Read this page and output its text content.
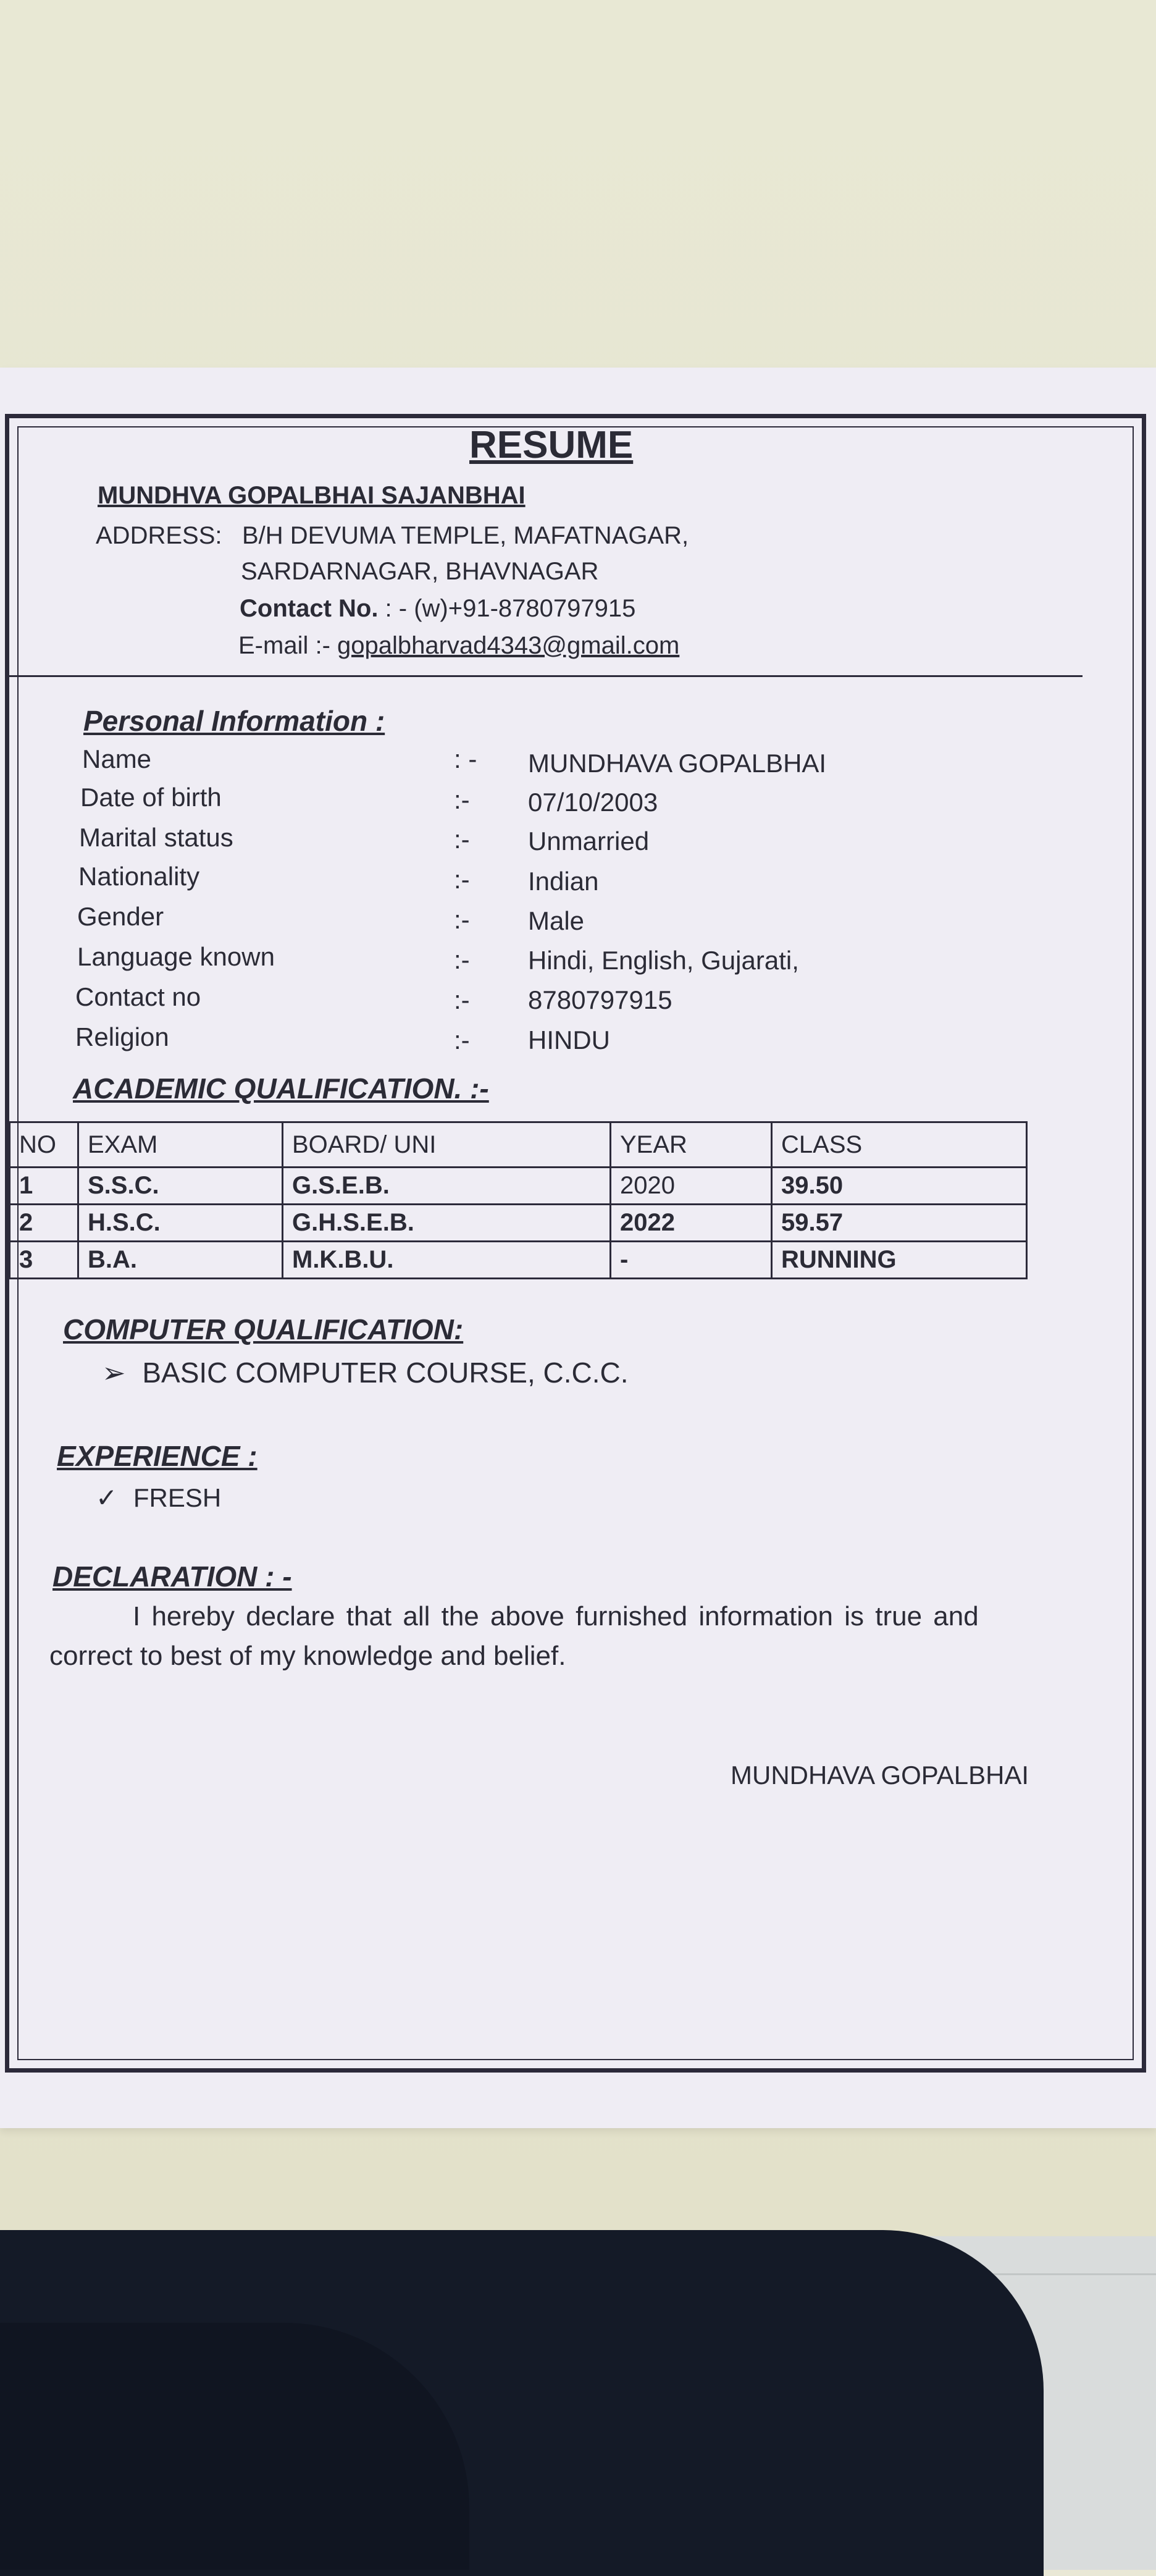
RESUME
MUNDHVA GOPALBHAI SAJANBHAI
ADDRESS: B/H DEVUMA TEMPLE, MAFATNAGAR,
SARDARNAGAR, BHAVNAGAR
Contact No. : - (w)+91-8780797915
E-mail :- gopalbharvad4343@gmail.com
Personal Information :
Name	: - MUNDHAVA GOPALBHAI
Date of birth	:- 07/10/2003
Marital status	:- Unmarried
Nationality	:- Indian
Gender	:- Male
Language known	:- Hindi, English, Gujarati,
Contact no	:- 8780797915
Religion	:- HINDU
ACADEMIC QUALIFICATION. :-
NO	EXAM	BOARD/ UNI	YEAR	CLASS
1	S.S.C.	G.S.E.B.	2020	39.50
2	H.S.C.	G.H.S.E.B.	2022	59.57
3	B.A.	M.K.B.U.	-	RUNNING
COMPUTER QUALIFICATION:
➢ BASIC COMPUTER COURSE, C.C.C.
EXPERIENCE :
✓ FRESH
DECLARATION : -
I hereby declare that all the above furnished information is true and
correct to best of my knowledge and belief.
MUNDHAVA GOPALBHAI
